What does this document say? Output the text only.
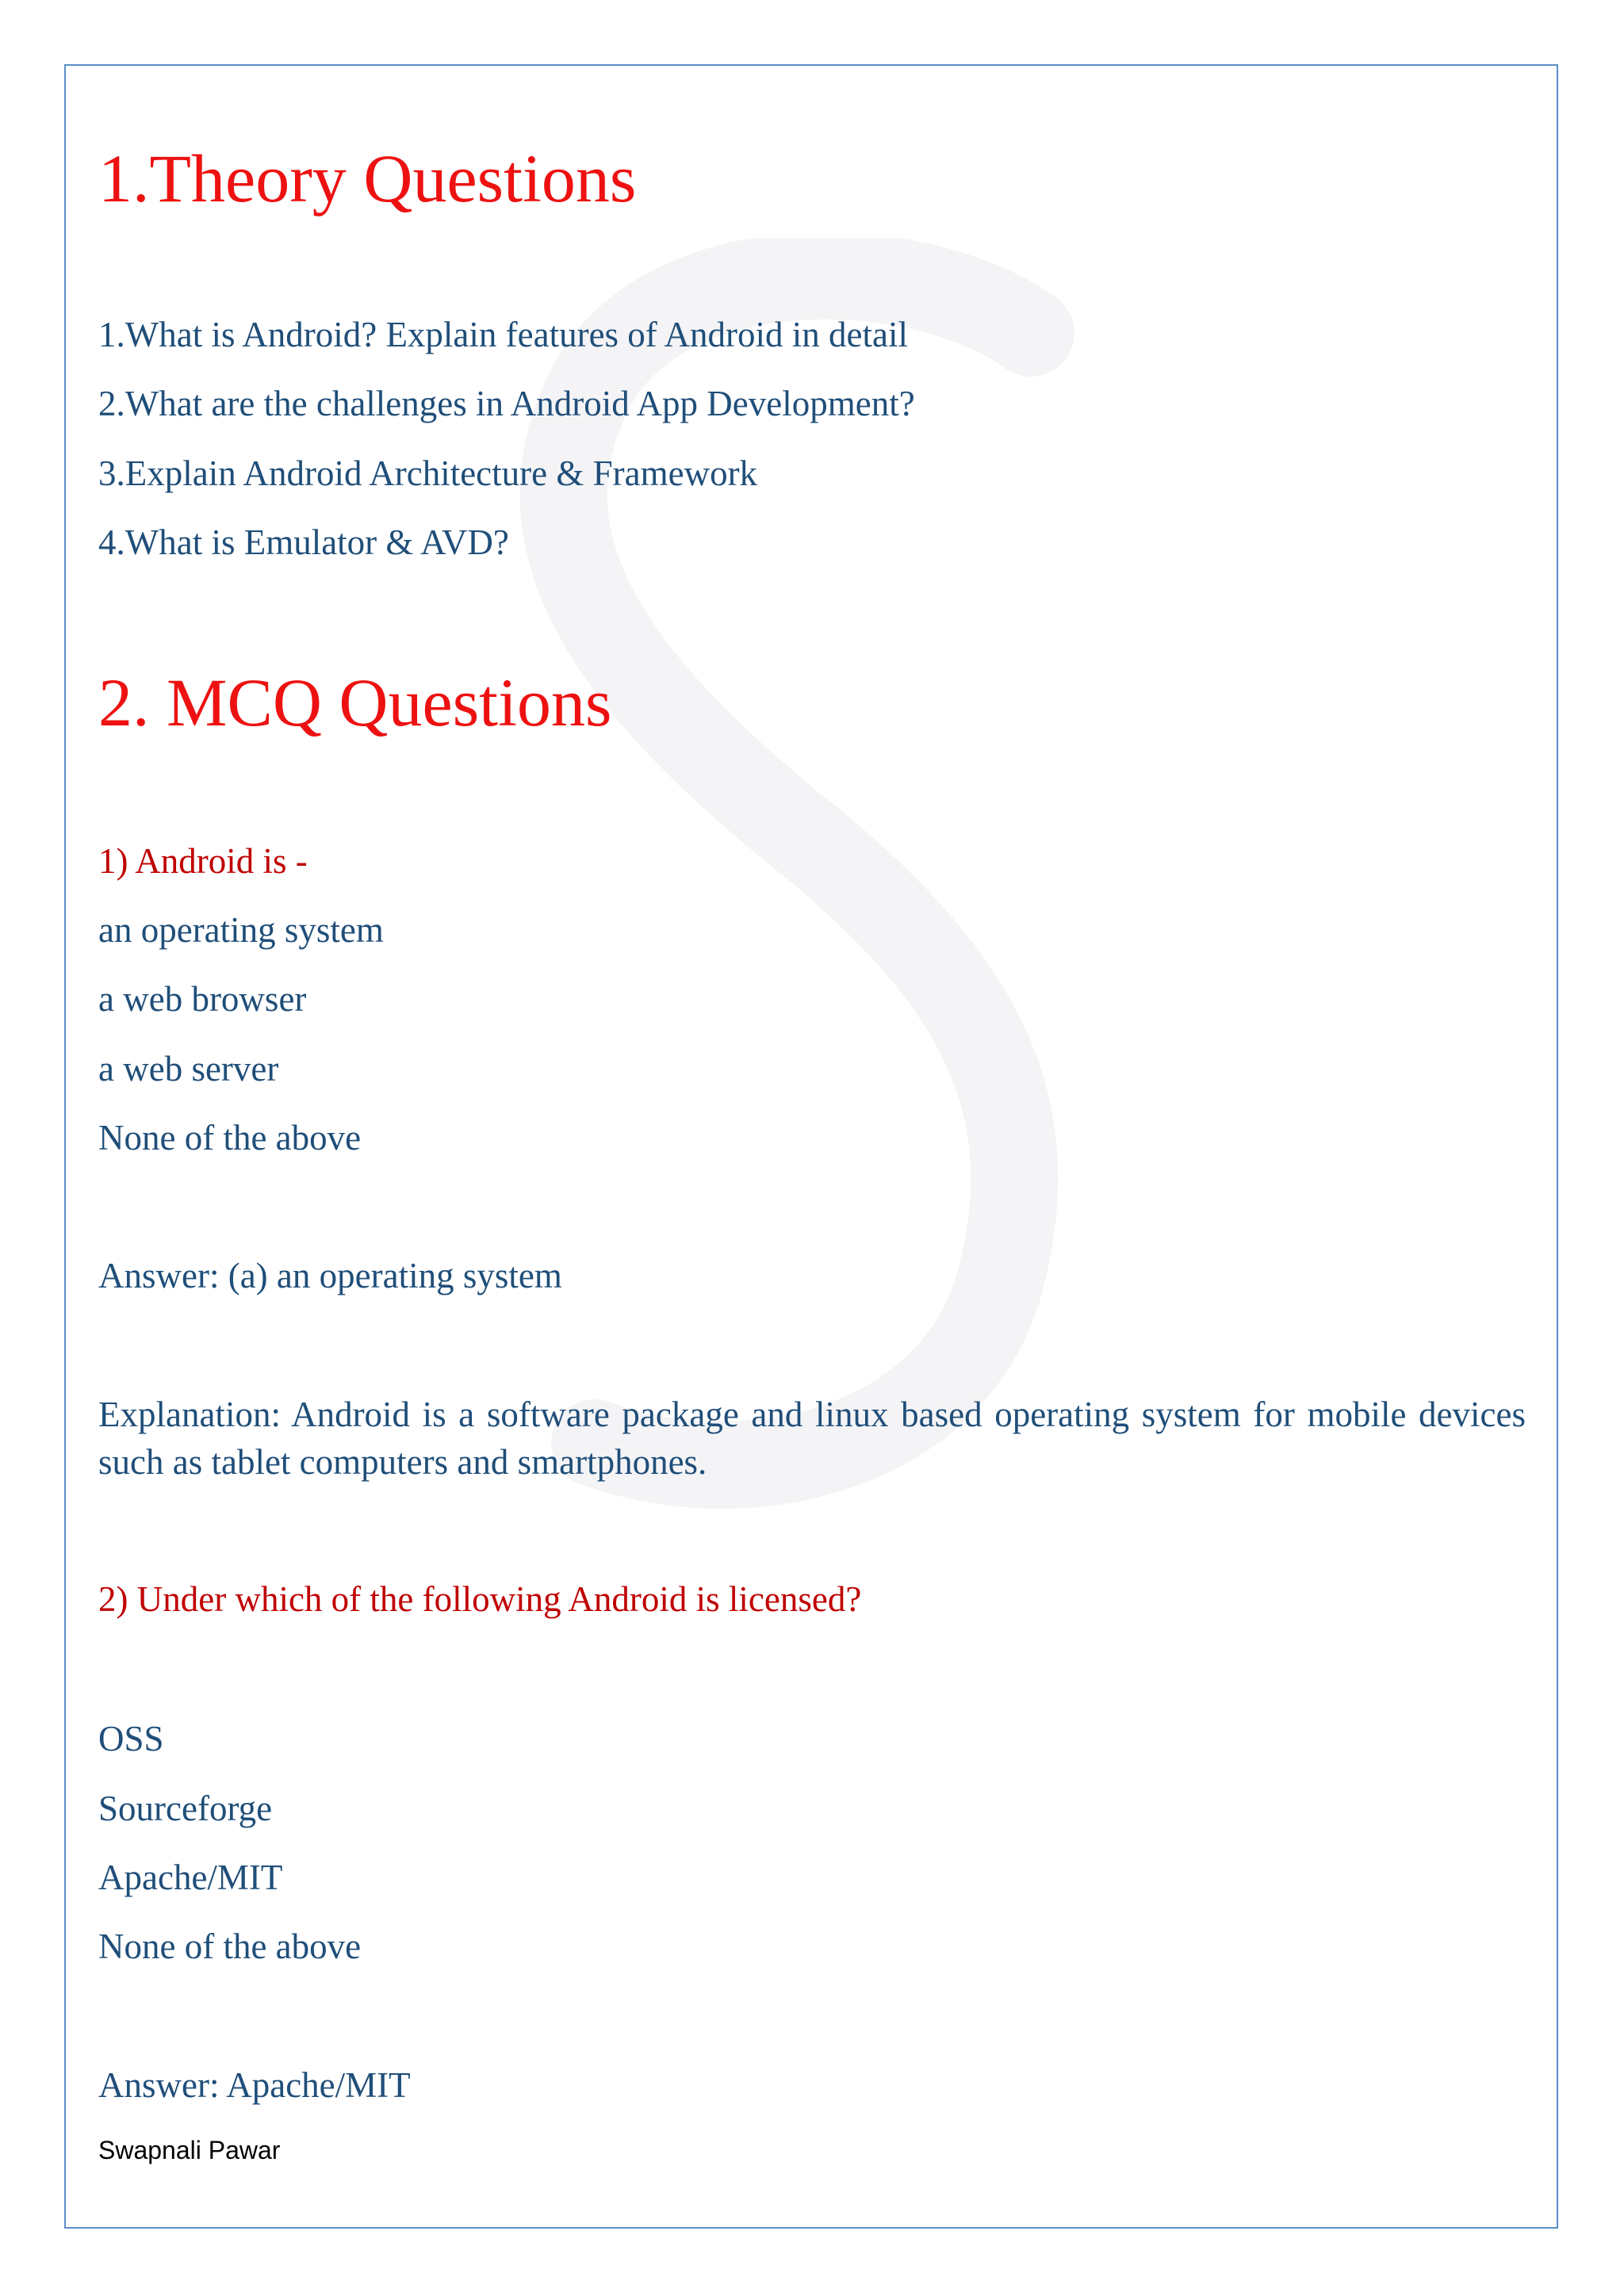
1.Theory Questions
1.What is Android? Explain features of Android in detail
2.What are the challenges in Android App Development?
3.Explain Android Architecture & Framework
4.What is Emulator & AVD?
2. MCQ Questions
1) Android is -
an operating system
a web browser
a web server
None of the above
Answer: (a) an operating system
Explanation: Android is a software package and linux based operating system for mobile devices such as tablet computers and smartphones.
2) Under which of the following Android is licensed?
OSS
Sourceforge
Apache/MIT
None of the above
Answer: Apache/MIT
Swapnali Pawar
